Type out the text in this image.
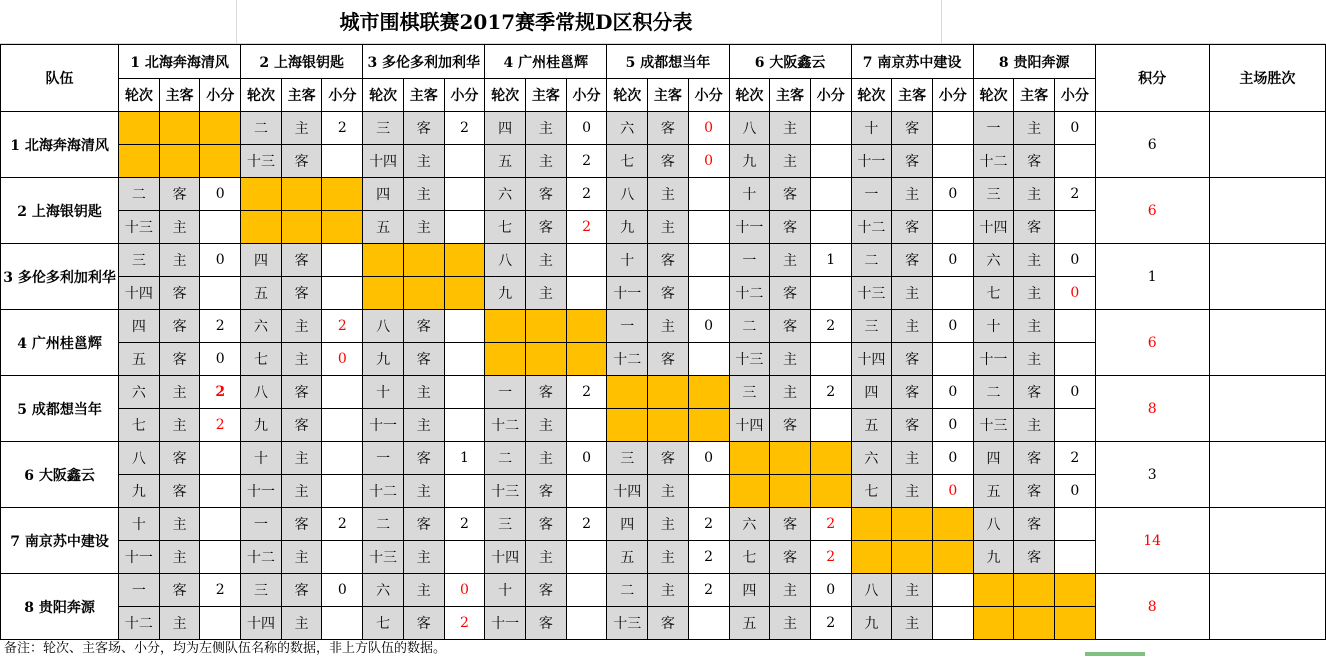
城市围棋联赛2017赛季常规D区积分表
队伍	1 北海奔海清风			2 上海银钥匙			3 多伦多利加利华			4 广州桂邕辉			5 成都想当年			6 大阪鑫云			7 南京苏中建设			8 贵阳奔源			积分	主场胜次
	轮次	主客	小分	轮次	主客	小分	轮次	主客	小分	轮次	主客	小分	轮次	主客	小分	轮次	主客	小分	轮次	主客	小分	轮次	主客	小分		
1 北海奔海清风				二	主	2	三	客	2	四	主	0	六	客	0	八	主		十	客		一	主	0	6	
				十三	客		十四	主		五	主	2	七	客	0	九	主		十一	客		十二	客			
2 上海银钥匙	二	客	0				四	主		六	客	2	八	主		十	客		一	主	0	三	主	2	6	
	十三	主					五	主		七	客	2	九	主		十一	客		十二	客		十四	客			
3 多伦多利加利华	三	主	0	四	客					八	主		十	客		一	主	1	二	客	0	六	主	0	1	
	十四	客		五	客					九	主		十一	客		十二	客		十三	主		七	主	0		
4 广州桂邕辉	四	客	2	六	主	2	八	客					一	主	0	二	客	2	三	主	0	十	主		6	
	五	客	0	七	主	0	九	客					十二	客		十三	主		十四	客		十一	主			
5 成都想当年	六	主	2	八	客		十	主		一	客	2				三	主	2	四	客	0	二	客	0	8	
	七	主	2	九	客		十一	主		十二	主					十四	客		五	客	0	十三	主			
6 大阪鑫云	八	客		十	主		一	客	1	二	主	0	三	客	0				六	主	0	四	客	2	3	
	九	客		十一	主		十二	主		十三	客		十四	主					七	主	0	五	客	0		
7 南京苏中建设	十	主		一	客	2	二	客	2	三	客	2	四	主	2	六	客	2				八	客		14	
	十一	主		十二	主		十三	主		十四	主		五	主	2	七	客	2				九	客			
8 贵阳奔源	一	客	2	三	客	0	六	主	0	十	客		二	主	2	四	主	0	八	主					8	
	十二	主		十四	主		七	客	2	十一	客		十三	客		五	主	2	九	主						
备注：轮次、主客场、小分，均为左侧队伍名称的数据，非上方队伍的数据。
